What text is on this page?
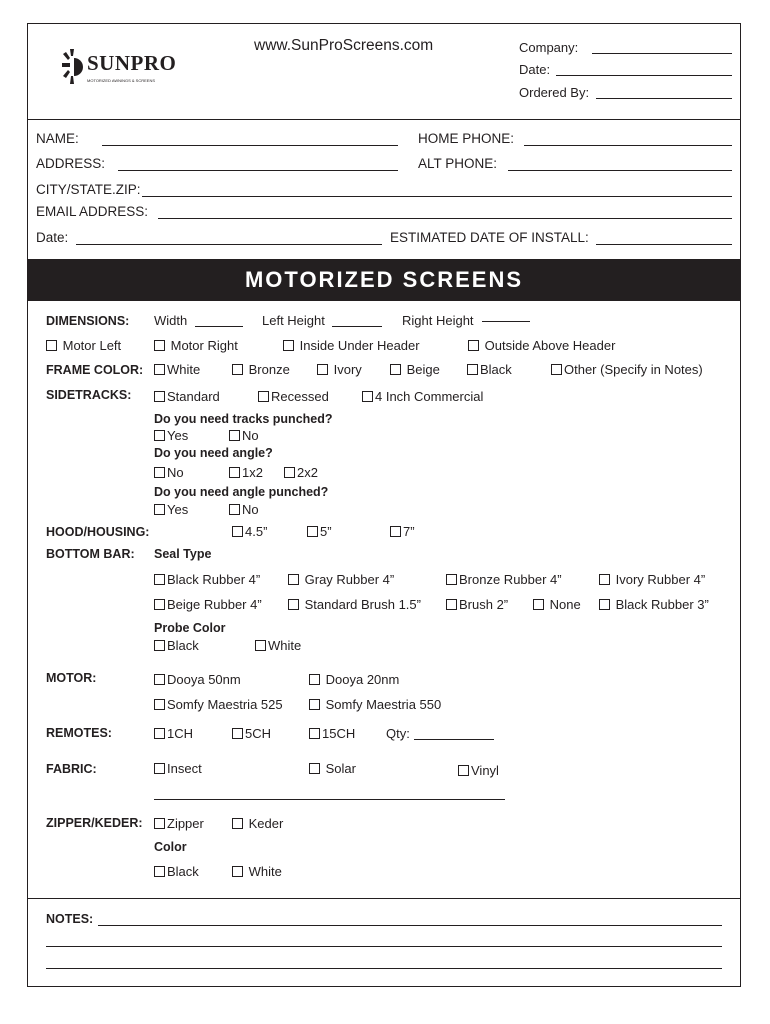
SUNPRO
MOTORIZED AWNINGS & SCREENS
www.SunProScreens.com	Company:
Date:
Ordered By:
NAME:	HOME PHONE:
ADDRESS:	ALT PHONE:
CITY/STATE.ZIP:
EMAIL ADDRESS:
Date:	ESTIMATED DATE OF INSTALL:
MOTORIZED SCREENS
DIMENSIONS: Width	Left Height	Right Height
Motor Left	Motor Right	Inside Under Header	Outside Above Header
FRAME COLOR:	White	Bronze	Ivory	Beige	Black	Other (Specify in Notes)
SIDETRACKS:	Standard	Recessed	4 Inch Commercial
Do you need tracks punched?
Yes	No
Do you need angle?
No	1x2	2x2
Do you need angle punched?
Yes	No
HOOD/HOUSING:	4.5”	5”	7”
BOTTOM BAR: Seal Type
Black Rubber 4”	Gray Rubber 4”	Bronze Rubber 4”	Ivory Rubber 4”
Beige Rubber 4”	Standard Brush 1.5”	Brush 2”	None	Black Rubber 3”
Probe Color
Black	White
MOTOR:	Dooya 50nm	Dooya 20nm
Somfy Maestria 525	Somfy Maestria 550
REMOTES:	1CH	5CH	15CH Qty:
FABRIC:	Insect	Solar	Vinyl
ZIPPER/KEDER:	Zipper	Keder
Color
Black	White
NOTES:
